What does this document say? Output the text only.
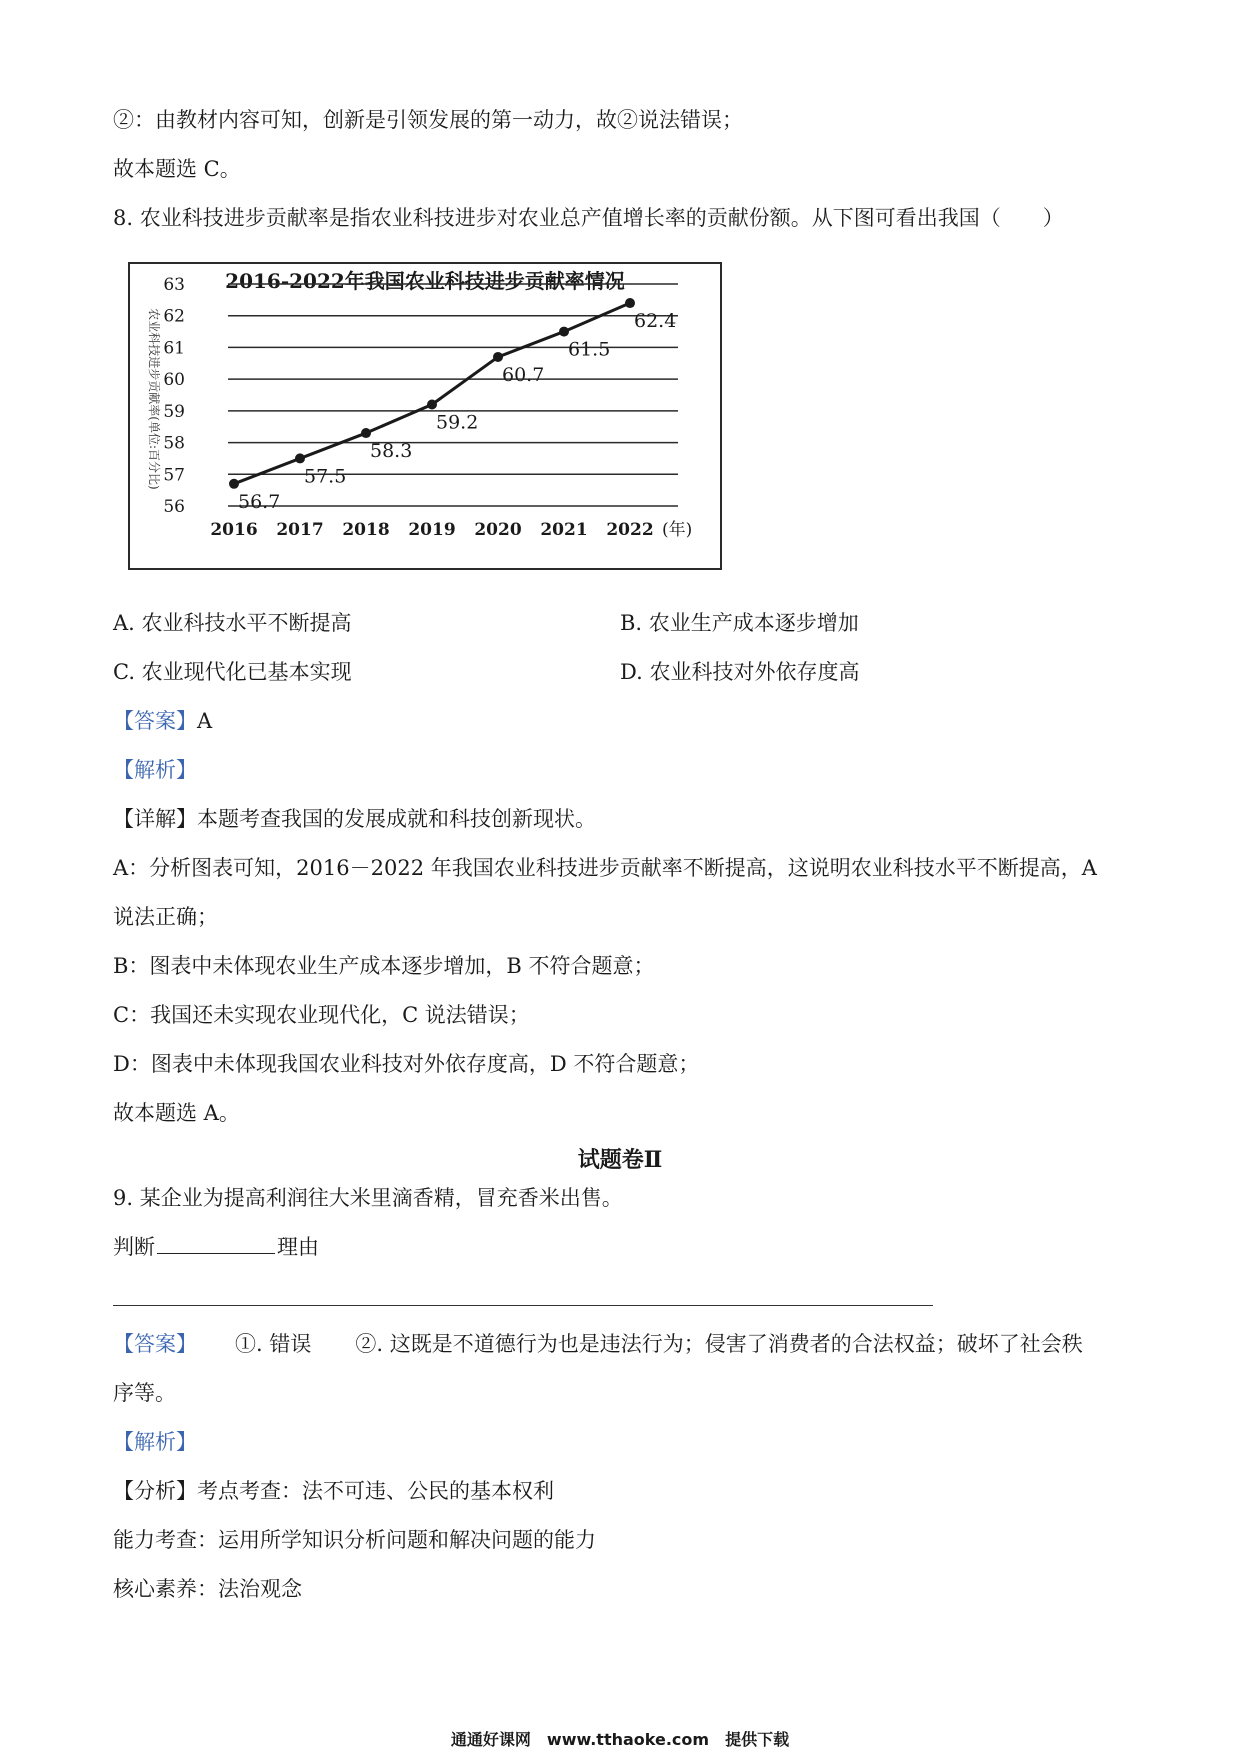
②：由教材内容可知，创新是引领发展的第一动力，故②说法错误；
故本题选 C。
8. 农业科技进步贡献率是指农业科技进步对农业总产值增长率的贡献份额。从下图可看出我国（　　）
2016-2022年我国农业科技进步贡献率情况
56
57
58
59
60
61
62
63
农业科技进步贡献率(单位:百分比)
2016 2017 2018 2019 2020 2021 2022 (年)
56.7
57.5
58.3
59.2
60.7
61.5
62.4
A. 农业科技水平不断提高	B. 农业生产成本逐步增加
C. 农业现代化已基本实现	D. 农业科技对外依存度高
【答案】A
【解析】
【详解】本题考查我国的发展成就和科技创新现状。
A：分析图表可知，2016－2022 年我国农业科技进步贡献率不断提高，这说明农业科技水平不断提高，A
说法正确；
B：图表中未体现农业生产成本逐步增加，B 不符合题意；
C：我国还未实现农业现代化，C 说法错误；
D：图表中未体现我国农业科技对外依存度高，D 不符合题意；
故本题选 A。
试题卷Ⅱ
9. 某企业为提高利润往大米里滴香精，冒充香米出售。
判断	理由
【答案】 ①. 错误 ②. 这既是不道德行为也是违法行为；侵害了消费者的合法权益；破坏了社会秩
序等。
【解析】
【分析】考点考查：法不可违、公民的基本权利
能力考查：运用所学知识分析问题和解决问题的能力
核心素养：法治观念
通通好课网　www.tthaoke.com　提供下载
